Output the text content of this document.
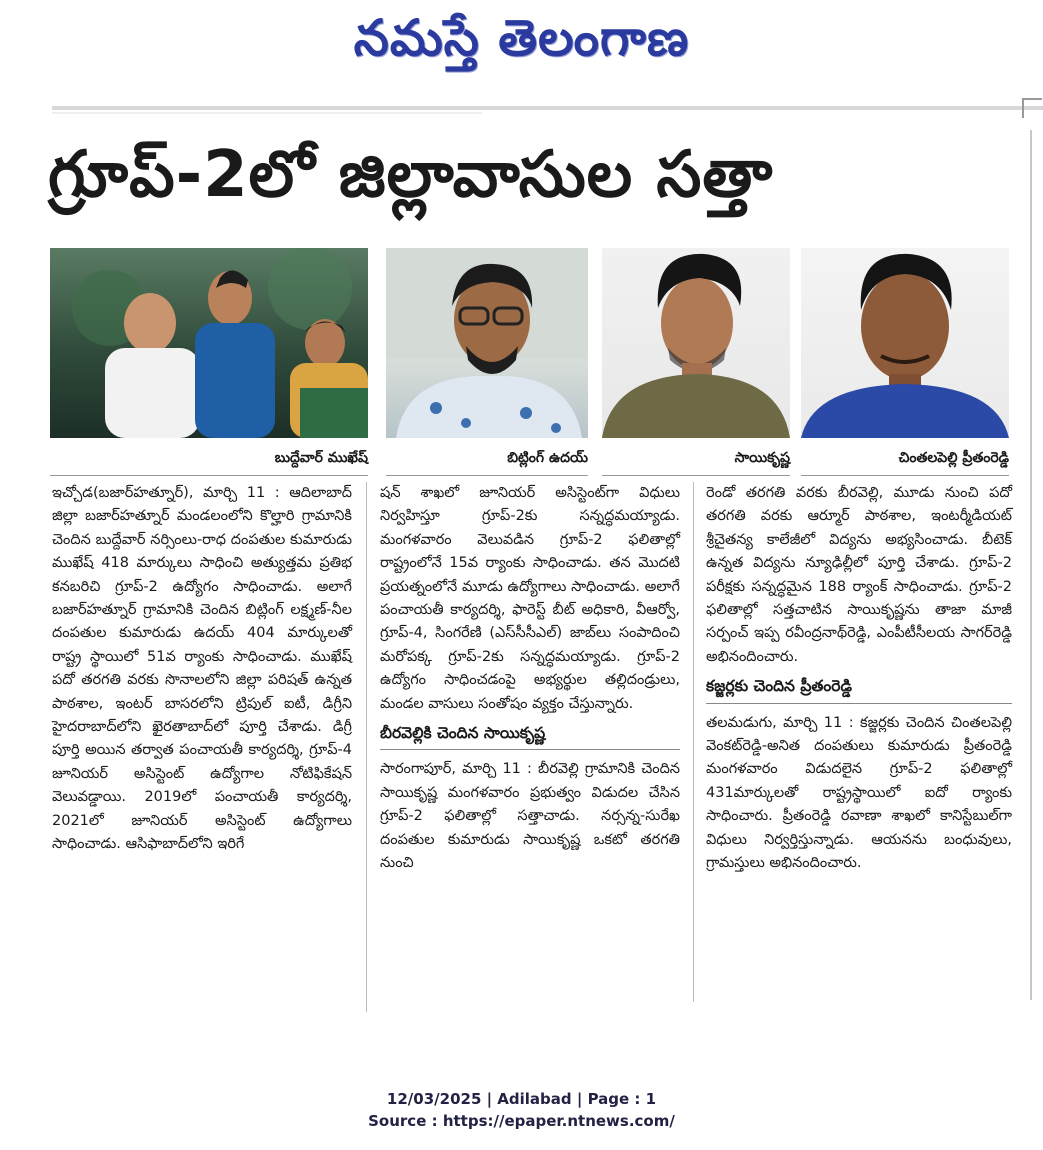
నమస్తే తెలంగాణ
గ్రూప్-2లో జిల్లావాసుల సత్తా
బుద్దేవార్ ముఖేష్	బిట్లింగ్ ఉదయ్	సాయికృష్ణ	చింతలపెల్లి ప్రీతంరెడ్డి

ఇచ్చోడ(బజార్‌హత్నూర్), మార్చి 11 : ఆదిలాబాద్ జిల్లా బజార్‌హత్నూర్ మండలంలోని కొల్హారి గ్రామానికి చెందిన బుద్దేవార్ నర్సింలు-రాధ దంపతుల కుమారుడు ముఖేష్ 418 మార్కులు సాధించి అత్యుత్తమ ప్రతిభ కనబరిచి గ్రూప్-2 ఉద్యోగం సాధించాడు. అలాగే బజార్‌హత్నూర్ గ్రామానికి చెందిన బిట్లింగ్ లక్ష్మణ్-నీల దంపతుల కుమారుడు ఉదయ్ 404 మార్కులతో రాష్ట్ర స్థాయిలో 51వ ర్యాంకు సాధించాడు. ముఖేష్ పదో తరగతి వరకు సొనాలలోని జిల్లా పరిషత్ ఉన్నత పాఠశాల, ఇంటర్ బాసరలోని ట్రిపుల్ ఐటీ, డిగ్రీని హైదరాబాద్‌లోని ఖైరతాబాద్‌లో పూర్తి చేశాడు. డిగ్రీ పూర్తి అయిన తర్వాత పంచాయతీ కార్యదర్శి, గ్రూప్-4 జూనియర్ అసిస్టెంట్ ఉద్యోగాల నోటిఫికేషన్ వెలువడ్డాయి. 2019లో పంచాయతీ కార్యదర్శి, 2021లో జూనియర్ అసిస్టెంట్ ఉద్యోగాలు సాధించాడు. ఆసిఫాబాద్‌లోని ఇరిగే

షన్ శాఖలో జూనియర్ అసిస్టెంట్‌గా విధులు నిర్వహిస్తూ గ్రూప్-2కు సన్నద్ధమయ్యాడు. మంగళవారం వెలువడిన గ్రూప్-2 ఫలితాల్లో రాష్ట్రంలోనే 15వ ర్యాంకు సాధించాడు. తన మొదటి ప్రయత్నంలోనే మూడు ఉద్యోగాలు సాధించాడు. అలాగే పంచాయతీ కార్యదర్శి, ఫారెస్ట్ బీట్ అధికారి, వీఆర్వో, గ్రూప్-4, సింగరేణి (ఎస్‌సీసీఎల్) జాబ్‌లు సంపాదించి మరోపక్క గ్రూప్-2కు సన్నద్ధమయ్యాడు. గ్రూప్-2 ఉద్యోగం సాధించడంపై అభ్యర్థుల తల్లిదండ్రులు, మండల వాసులు సంతోషం వ్యక్తం చేస్తున్నారు.

బీరవెల్లికి చెందిన సాయికృష్ణ

సారంగాపూర్, మార్చి 11 : బీరవెల్లి గ్రామానికి చెందిన సాయికృష్ణ మంగళవారం ప్రభుత్వం విడుదల చేసిన గ్రూప్-2 ఫలితాల్లో సత్తాచాడు. నర్సన్న-సురేఖ దంపతుల కుమారుడు సాయికృష్ణ ఒకటో తరగతి నుంచి

రెండో తరగతి వరకు బీరవెల్లి, మూడు నుంచి పదో తరగతి వరకు ఆర్మూర్ పాఠశాల, ఇంటర్మీడియట్ శ్రీచైతన్య కాలేజీలో విద్యను అభ్యసించాడు. బీటెక్ ఉన్నత విద్యను న్యూఢిల్లీలో పూర్తి చేశాడు. గ్రూప్-2 పరీక్షకు సన్నద్ధమైన 188 ర్యాంక్ సాధించాడు. గ్రూప్-2 ఫలితాల్లో సత్తచాటిన సాయికృష్ణను తాజా మాజీ సర్పంచ్ ఇప్ప రవీంద్రనాథ్‌రెడ్డి, ఎంపీటీసీలయ సాగర్‌రెడ్డి అభినందించారు.

కజ్జర్లకు చెందిన ప్రీతంరెడ్డి

తలమడుగు, మార్చి 11 : కజ్జర్లకు చెందిన చింతలపెల్లి వెంకట్‌రెడ్డి-అనిత దంపతులు కుమారుడు ప్రీతంరెడ్డి మంగళవారం విడుదలైన గ్రూప్-2 ఫలితాల్లో 431మార్కులతో రాష్ట్రస్థాయిలో ఐదో ర్యాంకు సాధించారు. ప్రీతంరెడ్డి రవాణా శాఖలో కానిస్టేబుల్‌గా విధులు నిర్వర్తిస్తున్నాడు. ఆయనను బంధువులు, గ్రామస్తులు అభినందించారు.

12/03/2025 | Adilabad | Page : 1
Source : https://epaper.ntnews.com/
